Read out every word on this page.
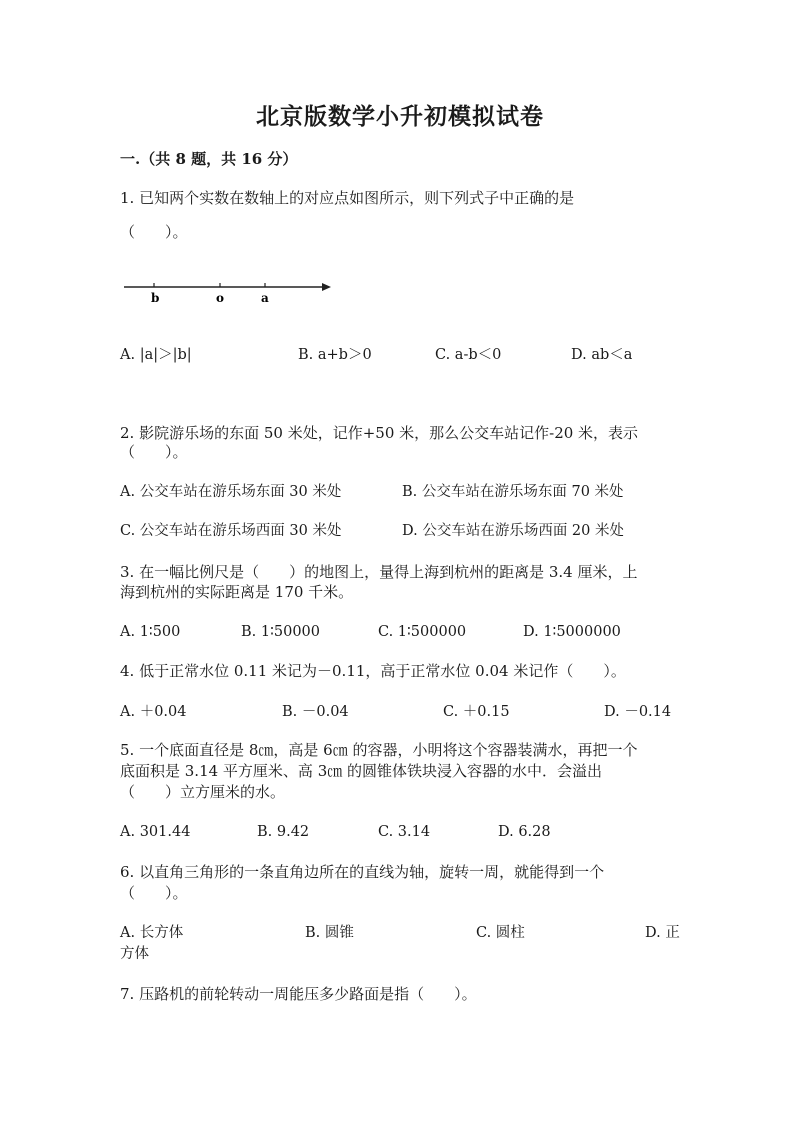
北京版数学小升初模拟试卷
一.（共 8 题，共 16 分）
1. 已知两个实数在数轴上的对应点如图所示，则下列式子中正确的是
（　　）。
b	o	a
A. |a|＞|b|	B. a+b＞0	C. a-b＜0	D. ab＜a
2. 影院游乐场的东面 50 米处，记作+50 米，那么公交车站记作-20 米，表示
（　　）。
A. 公交车站在游乐场东面 30 米处	B. 公交车站在游乐场东面 70 米处
C. 公交车站在游乐场西面 30 米处	D. 公交车站在游乐场西面 20 米处
3. 在一幅比例尺是（　　）的地图上，量得上海到杭州的距离是 3.4 厘米，上
海到杭州的实际距离是 170 千米。
A. 1∶500	B. 1∶50000	C. 1∶500000	D. 1∶5000000
4. 低于正常水位 0.11 米记为－0.11，高于正常水位 0.04 米记作（　　）。
A. ＋0.04	B. －0.04	C. ＋0.15	D. －0.14
5. 一个底面直径是 8㎝，高是 6㎝ 的容器，小明将这个容器装满水，再把一个
底面积是 3.14 平方厘米、高 3㎝ 的圆锥体铁块浸入容器的水中．会溢出
（　　）立方厘米的水。
A. 301.44	B. 9.42	C. 3.14	D. 6.28
6. 以直角三角形的一条直角边所在的直线为轴，旋转一周，就能得到一个
（　　）。
A. 长方体	B. 圆锥	C. 圆柱	D. 正
方体
7. 压路机的前轮转动一周能压多少路面是指（　　）。
